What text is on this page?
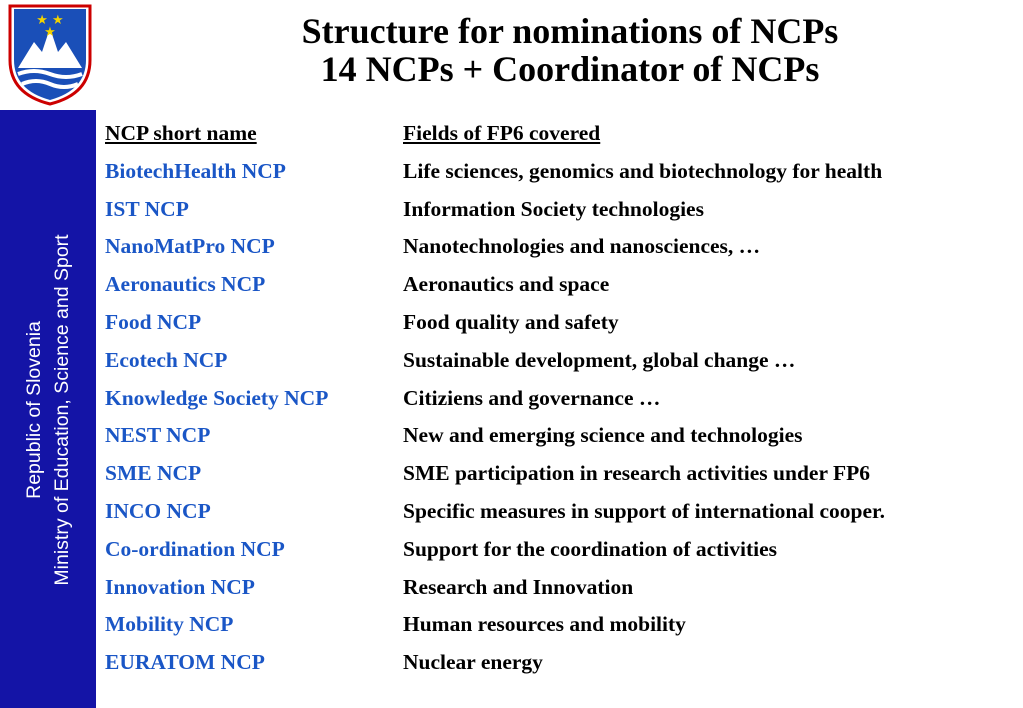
★ ★
★
Republic of Slovenia Ministry of Education, Science and Sport
Structure for nominations of NCPs
14 NCPs + Coordinator of NCPs
NCP short name	Fields of FP6 covered
BiotechHealth NCP	Life sciences, genomics and biotechnology for health
IST NCP	Information Society technologies
NanoMatPro NCP	Nanotechnologies and nanosciences, …
Aeronautics NCP	Aeronautics and space
Food NCP	Food quality and safety
Ecotech NCP	Sustainable development, global change …
Knowledge Society NCP	Citiziens and governance …
NEST NCP	New and emerging science and technologies
SME NCP	SME participation in research activities under FP6
INCO NCP	Specific measures in support of international cooper.
Co-ordination NCP	Support for the coordination of activities
Innovation NCP	Research and Innovation
Mobility NCP	Human resources and mobility
EURATOM NCP	Nuclear energy
